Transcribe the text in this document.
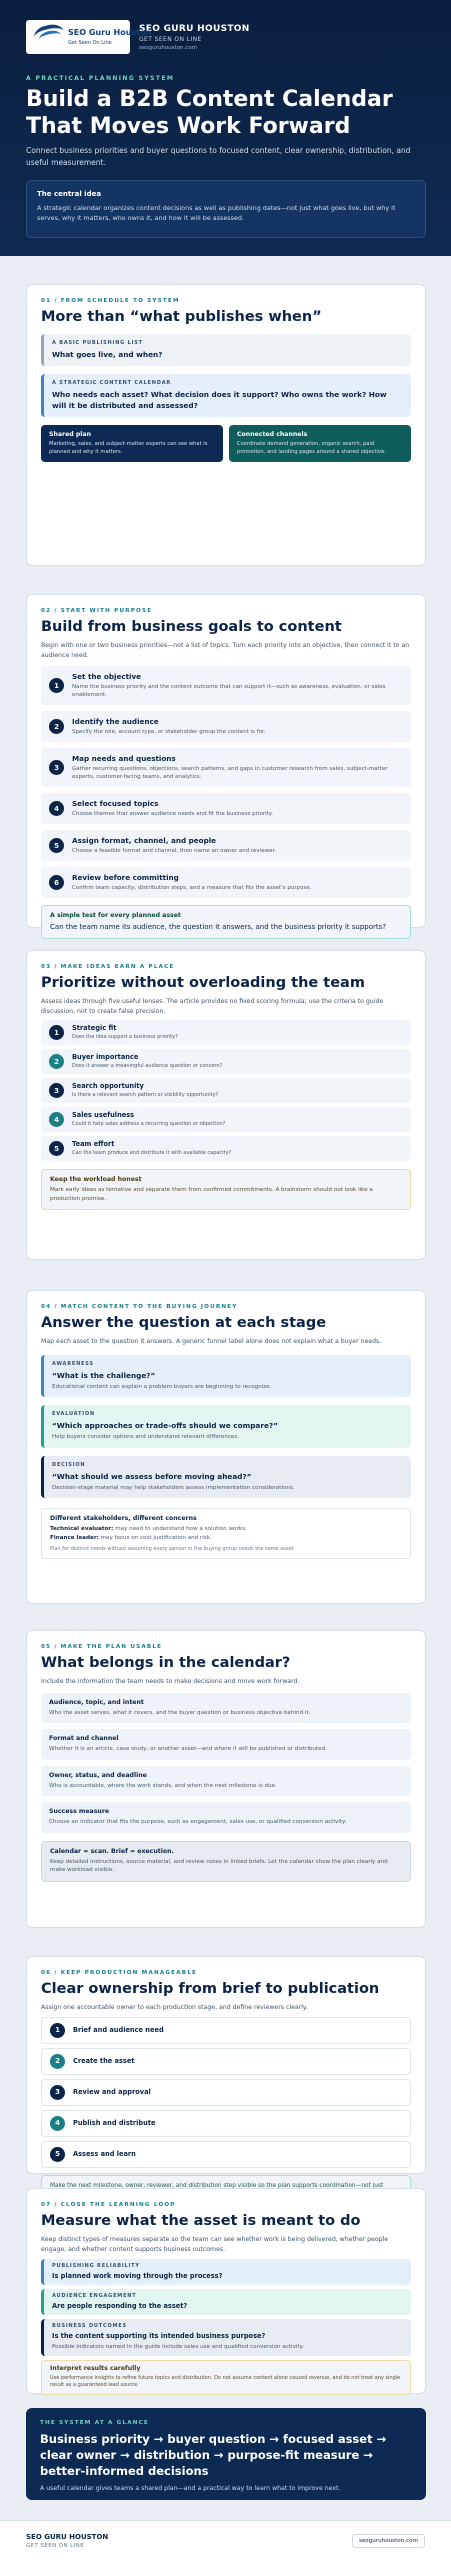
SEO Guru Houston
Get Seen On Line
SEO GURU HOUSTON
GET SEEN ON LINE
seoguruhouston.com
A PRACTICAL PLANNING SYSTEM
Build a B2B Content Calendar That Moves Work Forward

Connect business priorities and buyer questions to focused content, clear ownership, distribution, and useful measurement.

The central idea
A strategic calendar organizes content decisions as well as publishing dates—not just what goes live, but why it serves, why it matters, who owns it, and how it will be assessed.
01 / FROM SCHEDULE TO SYSTEM
More than “what publishes when”
A BASIC PUBLISHING LIST
What goes live, and when?
A STRATEGIC CONTENT CALENDAR
Who needs each asset? What decision does it support? Who owns the work? How will it be distributed and assessed?
Shared plan
Marketing, sales, and subject-matter experts can see what is planned and why it matters.
Connected channels
Coordinate demand generation, organic search, paid promotion, and landing pages around a shared objective.
02 / START WITH PURPOSE
Build from business goals to content

Begin with one or two business priorities—not a list of topics. Turn each priority into an objective, then connect it to an audience need.

1
Set the objective
Name the business priority and the content outcome that can support it—such as awareness, evaluation, or sales enablement.
2
Identify the audience
Specify the role, account type, or stakeholder group the content is for.
3
Map needs and questions
Gather recurring questions, objections, search patterns, and gaps in customer research from sales, subject-matter experts, customer-facing teams, and analytics.
4
Select focused topics
Choose themes that answer audience needs and fit the business priority.
5
Assign format, channel, and people
Choose a feasible format and channel, then name an owner and reviewer.
6
Review before committing
Confirm team capacity, distribution steps, and a measure that fits the asset’s purpose.
A simple test for every planned asset
Can the team name its audience, the question it answers, and the business priority it supports?
03 / MAKE IDEAS EARN A PLACE
Prioritize without overloading the team

Assess ideas through five useful lenses. The article provides no fixed scoring formula; use the criteria to guide discussion, not to create false precision.

1
Strategic fit
Does the idea support a business priority?
2
Buyer importance
Does it answer a meaningful audience question or concern?
3
Search opportunity
Is there a relevant search pattern or visibility opportunity?
4
Sales usefulness
Could it help sales address a recurring question or objection?
5
Team effort
Can the team produce and distribute it with available capacity?
Keep the workload honest
Mark early ideas as tentative and separate them from confirmed commitments. A brainstorm should not look like a production promise.
04 / MATCH CONTENT TO THE BUYING JOURNEY
Answer the question at each stage

Map each asset to the question it answers. A generic funnel label alone does not explain what a buyer needs.

AWARENESS
“What is the challenge?”
Educational content can explain a problem buyers are beginning to recognize.
EVALUATION
“Which approaches or trade-offs should we compare?”
Help buyers consider options and understand relevant differences.
DECISION
“What should we assess before moving ahead?”
Decision-stage material may help stakeholders assess implementation considerations.
Different stakeholders, different concerns
Technical evaluator: may need to understand how a solution works.
Finance leader: may focus on cost justification and risk.
Plan for distinct needs without assuming every person in the buying group needs the same asset.
05 / MAKE THE PLAN USABLE
What belongs in the calendar?

Include the information the team needs to make decisions and move work forward.

Audience, topic, and intent
Who the asset serves, what it covers, and the buyer question or business objective behind it.
Format and channel
Whether it is an article, case study, or another asset—and where it will be published or distributed.
Owner, status, and deadline
Who is accountable, where the work stands, and when the next milestone is due.
Success measure
Choose an indicator that fits the purpose, such as engagement, sales use, or qualified conversion activity.
Calendar = scan. Brief = execution.
Keep detailed instructions, source material, and review notes in linked briefs. Let the calendar show the plan clearly and make workload visible.
06 / KEEP PRODUCTION MANAGEABLE
Clear ownership from brief to publication

Assign one accountable owner to each production stage, and define reviewers clearly.

1	Brief and audience need
2	Create the asset
3	Review and approval
4	Publish and distribute
5	Assess and learn
Make the next milestone, owner, reviewer, and distribution step visible so the plan supports coordination—not just
07 / CLOSE THE LEARNING LOOP
Measure what the asset is meant to do

Keep distinct types of measures separate so the team can see whether work is being delivered, whether people engage, and whether content supports business outcomes.

PUBLISHING RELIABILITY
Is planned work moving through the process?
AUDIENCE ENGAGEMENT
Are people responding to the asset?
BUSINESS OUTCOMES
Is the content supporting its intended business purpose?
Possible indicators named in the guide include sales use and qualified conversion activity.
Interpret results carefully
Use performance insights to refine future topics and distribution. Do not assume content alone caused revenue, and do not treat any single result as a guaranteed lead source.
THE SYSTEM AT A GLANCE
Business priority → buyer question → focused asset → clear owner → distribution → purpose-fit measure → better-informed decisions
A useful calendar gives teams a shared plan—and a practical way to learn what to improve next.
SEO GURU HOUSTON
GET SEEN ON LINE
seoguruhouston.com
